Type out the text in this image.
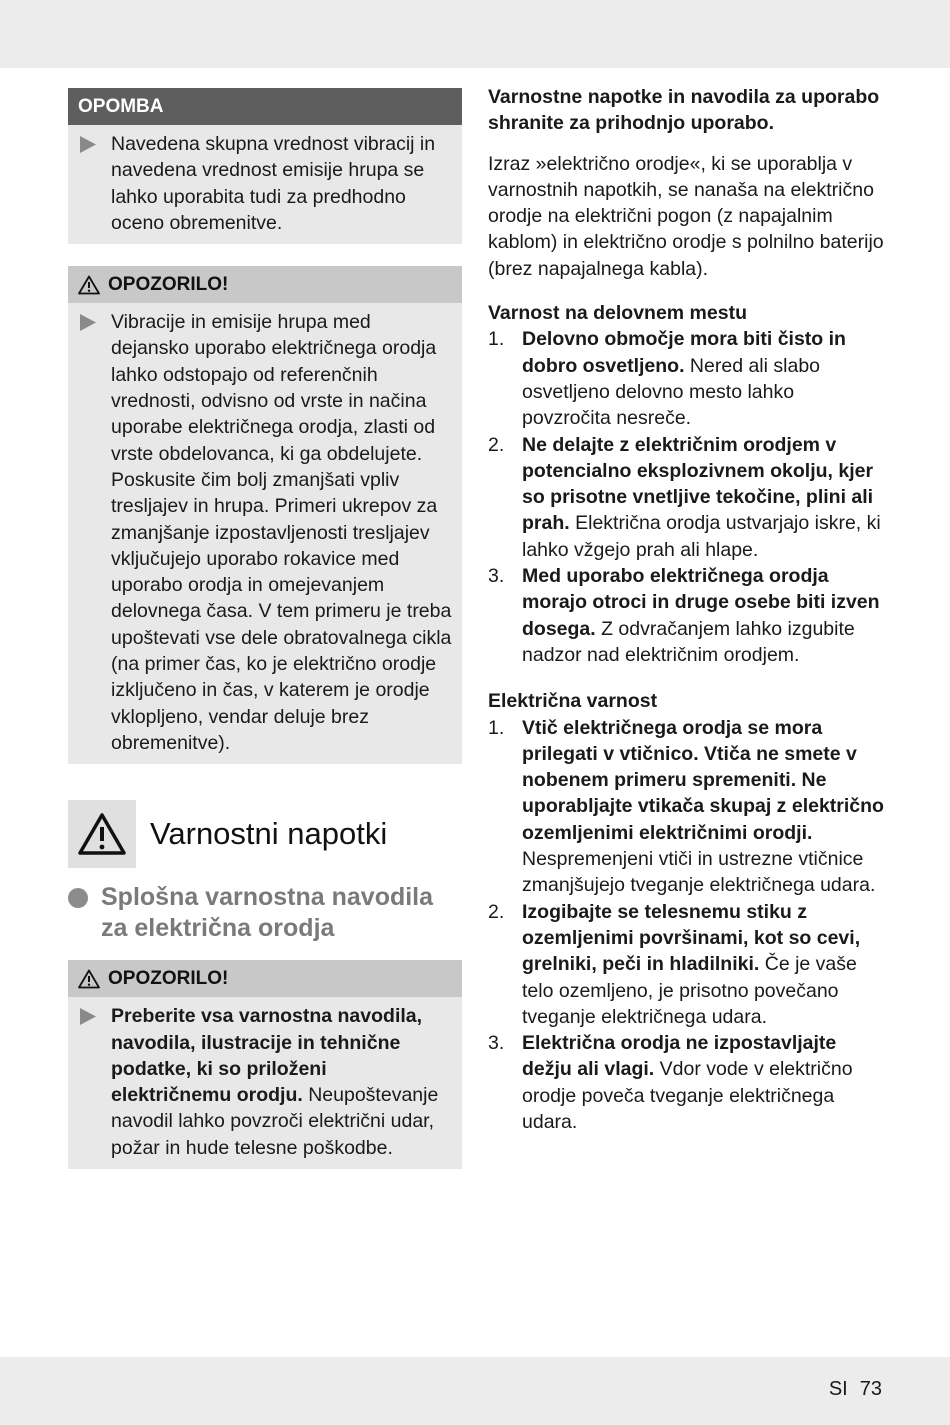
OPOMBA
Navedena skupna vrednost vibracij in navedena vrednost emisije hrupa se lahko uporabita tudi za predhodno oceno obremenitve.
OPOZORILO!
Vibracije in emisije hrupa med dejansko uporabo električnega orodja lahko odstopajo od referenčnih vrednosti, odvisno od vrste in načina uporabe električnega orodja, zlasti od vrste obdelovanca, ki ga obdelujete. Poskusite čim bolj zmanjšati vpliv tresljajev in hrupa. Primeri ukrepov za zmanjšanje izpostavljenosti tresljajev vključujejo uporabo rokavice med uporabo orodja in omejevanjem delovnega časa. V tem primeru je treba upoštevati vse dele obratovalnega cikla (na primer čas, ko je električno orodje izključeno in čas, v katerem je orodje vklopljeno, vendar deluje brez obremenitve).
Varnostni napotki
Splošna varnostna navodila za električna orodja
OPOZORILO!
Preberite vsa varnostna navodila, navodila, ilustracije in tehnične podatke, ki so priloženi električnemu orodju. Neupoštevanje navodil lahko povzroči električni udar, požar in hude telesne poškodbe.

Varnostne napotke in navodila za uporabo shranite za prihodnjo uporabo.

Izraz »električno orodje«, ki se uporablja v varnostnih napotkih, se nanaša na električno orodje na električni pogon (z napajalnim kablom) in električno orodje s polnilno baterijo (brez napajalnega kabla).

Varnost na delovnem mestu
1. Delovno območje mora biti čisto in dobro osvetljeno. Nered ali slabo osvetljeno delovno mesto lahko povzročita nesreče.
2. Ne delajte z električnim orodjem v potencialno eksplozivnem okolju, kjer so prisotne vnetljive tekočine, plini ali prah. Električna orodja ustvarjajo iskre, ki lahko vžgejo prah ali hlape.
3. Med uporabo električnega orodja morajo otroci in druge osebe biti izven dosega. Z odvračanjem lahko izgubite nadzor nad električnim orodjem.
Električna varnost
1. Vtič električnega orodja se mora prilegati v vtičnico. Vtiča ne smete v nobenem primeru spremeniti. Ne uporabljajte vtikača skupaj z električno ozemljenimi električnimi orodji. Nespremenjeni vtiči in ustrezne vtičnice zmanjšujejo tveganje električnega udara.
2. Izogibajte se telesnemu stiku z ozemljenimi površinami, kot so cevi, grelniki, peči in hladilniki. Če je vaše telo ozemljeno, je prisotno povečano tveganje električnega udara.
3. Električna orodja ne izpostavljajte dežju ali vlagi. Vdor vode v električno orodje poveča tveganje električnega udara.
SI 73
